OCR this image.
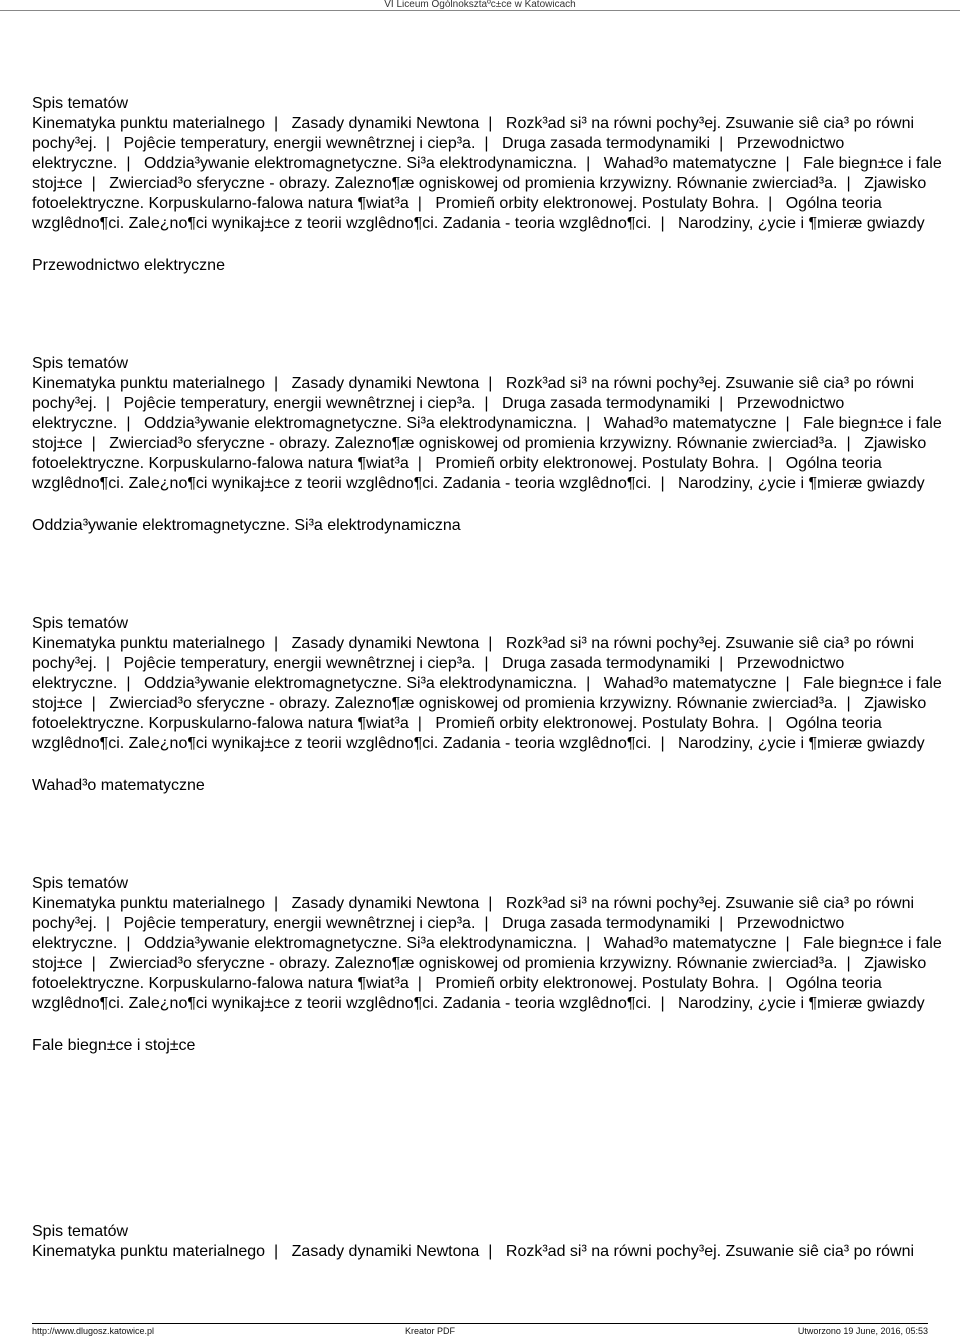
VI Liceum Ogólnoksztaºc±ce w Katowicach
Spis tematów
Kinematyka punktu materialnego | Zasady dynamiki Newtona | Rozk³ad si³ na równi pochy³ej. Zsuwanie siê cia³ po równi pochy³ej. | Pojêcie temperatury, energii wewnêtrznej i ciep³a. | Druga zasada termodynamiki | Przewodnictwo elektryczne. | Oddzia³ywanie elektromagnetyczne. Si³a elektrodynamiczna. | Wahad³o matematyczne | Fale biegn±ce i fale stoj±ce | Zwierciad³o sferyczne - obrazy. Zalezno¶æ ogniskowej od promienia krzywizny. Równanie zwierciad³a. | Zjawisko fotoelektryczne. Korpuskularno-falowa natura ¶wiat³a | Promieñ orbity elektronowej. Postulaty Bohra. | Ogólna teoria wzglêdno¶ci. Zale¿no¶ci wynikaj±ce z teorii wzglêdno¶ci. Zadania - teoria wzglêdno¶ci. | Narodziny, ¿ycie i ¶mieræ gwiazdy
Przewodnictwo elektryczne
Spis tematów
Kinematyka punktu materialnego | Zasady dynamiki Newtona | Rozk³ad si³ na równi pochy³ej. Zsuwanie siê cia³ po równi pochy³ej. | Pojêcie temperatury, energii wewnêtrznej i ciep³a. | Druga zasada termodynamiki | Przewodnictwo elektryczne. | Oddzia³ywanie elektromagnetyczne. Si³a elektrodynamiczna. | Wahad³o matematyczne | Fale biegn±ce i fale stoj±ce | Zwierciad³o sferyczne - obrazy. Zalezno¶æ ogniskowej od promienia krzywizny. Równanie zwierciad³a. | Zjawisko fotoelektryczne. Korpuskularno-falowa natura ¶wiat³a | Promieñ orbity elektronowej. Postulaty Bohra. | Ogólna teoria wzglêdno¶ci. Zale¿no¶ci wynikaj±ce z teorii wzglêdno¶ci. Zadania - teoria wzglêdno¶ci. | Narodziny, ¿ycie i ¶mieræ gwiazdy
Oddzia³ywanie elektromagnetyczne. Si³a elektrodynamiczna
Spis tematów
Kinematyka punktu materialnego | Zasady dynamiki Newtona | Rozk³ad si³ na równi pochy³ej. Zsuwanie siê cia³ po równi pochy³ej. | Pojêcie temperatury, energii wewnêtrznej i ciep³a. | Druga zasada termodynamiki | Przewodnictwo elektryczne. | Oddzia³ywanie elektromagnetyczne. Si³a elektrodynamiczna. | Wahad³o matematyczne | Fale biegn±ce i fale stoj±ce | Zwierciad³o sferyczne - obrazy. Zalezno¶æ ogniskowej od promienia krzywizny. Równanie zwierciad³a. | Zjawisko fotoelektryczne. Korpuskularno-falowa natura ¶wiat³a | Promieñ orbity elektronowej. Postulaty Bohra. | Ogólna teoria wzglêdno¶ci. Zale¿no¶ci wynikaj±ce z teorii wzglêdno¶ci. Zadania - teoria wzglêdno¶ci. | Narodziny, ¿ycie i ¶mieræ gwiazdy
Wahad³o matematyczne
Spis tematów
Kinematyka punktu materialnego | Zasady dynamiki Newtona | Rozk³ad si³ na równi pochy³ej. Zsuwanie siê cia³ po równi pochy³ej. | Pojêcie temperatury, energii wewnêtrznej i ciep³a. | Druga zasada termodynamiki | Przewodnictwo elektryczne. | Oddzia³ywanie elektromagnetyczne. Si³a elektrodynamiczna. | Wahad³o matematyczne | Fale biegn±ce i fale stoj±ce | Zwierciad³o sferyczne - obrazy. Zalezno¶æ ogniskowej od promienia krzywizny. Równanie zwierciad³a. | Zjawisko fotoelektryczne. Korpuskularno-falowa natura ¶wiat³a | Promieñ orbity elektronowej. Postulaty Bohra. | Ogólna teoria wzglêdno¶ci. Zale¿no¶ci wynikaj±ce z teorii wzglêdno¶ci. Zadania - teoria wzglêdno¶ci. | Narodziny, ¿ycie i ¶mieræ gwiazdy
Fale biegn±ce i stoj±ce
Spis tematów
Kinematyka punktu materialnego | Zasady dynamiki Newtona | Rozk³ad si³ na równi pochy³ej. Zsuwanie siê cia³ po równi
http://www.dlugosz.katowice.pl	Kreator PDF	Utworzono 19 June, 2016, 05:53
